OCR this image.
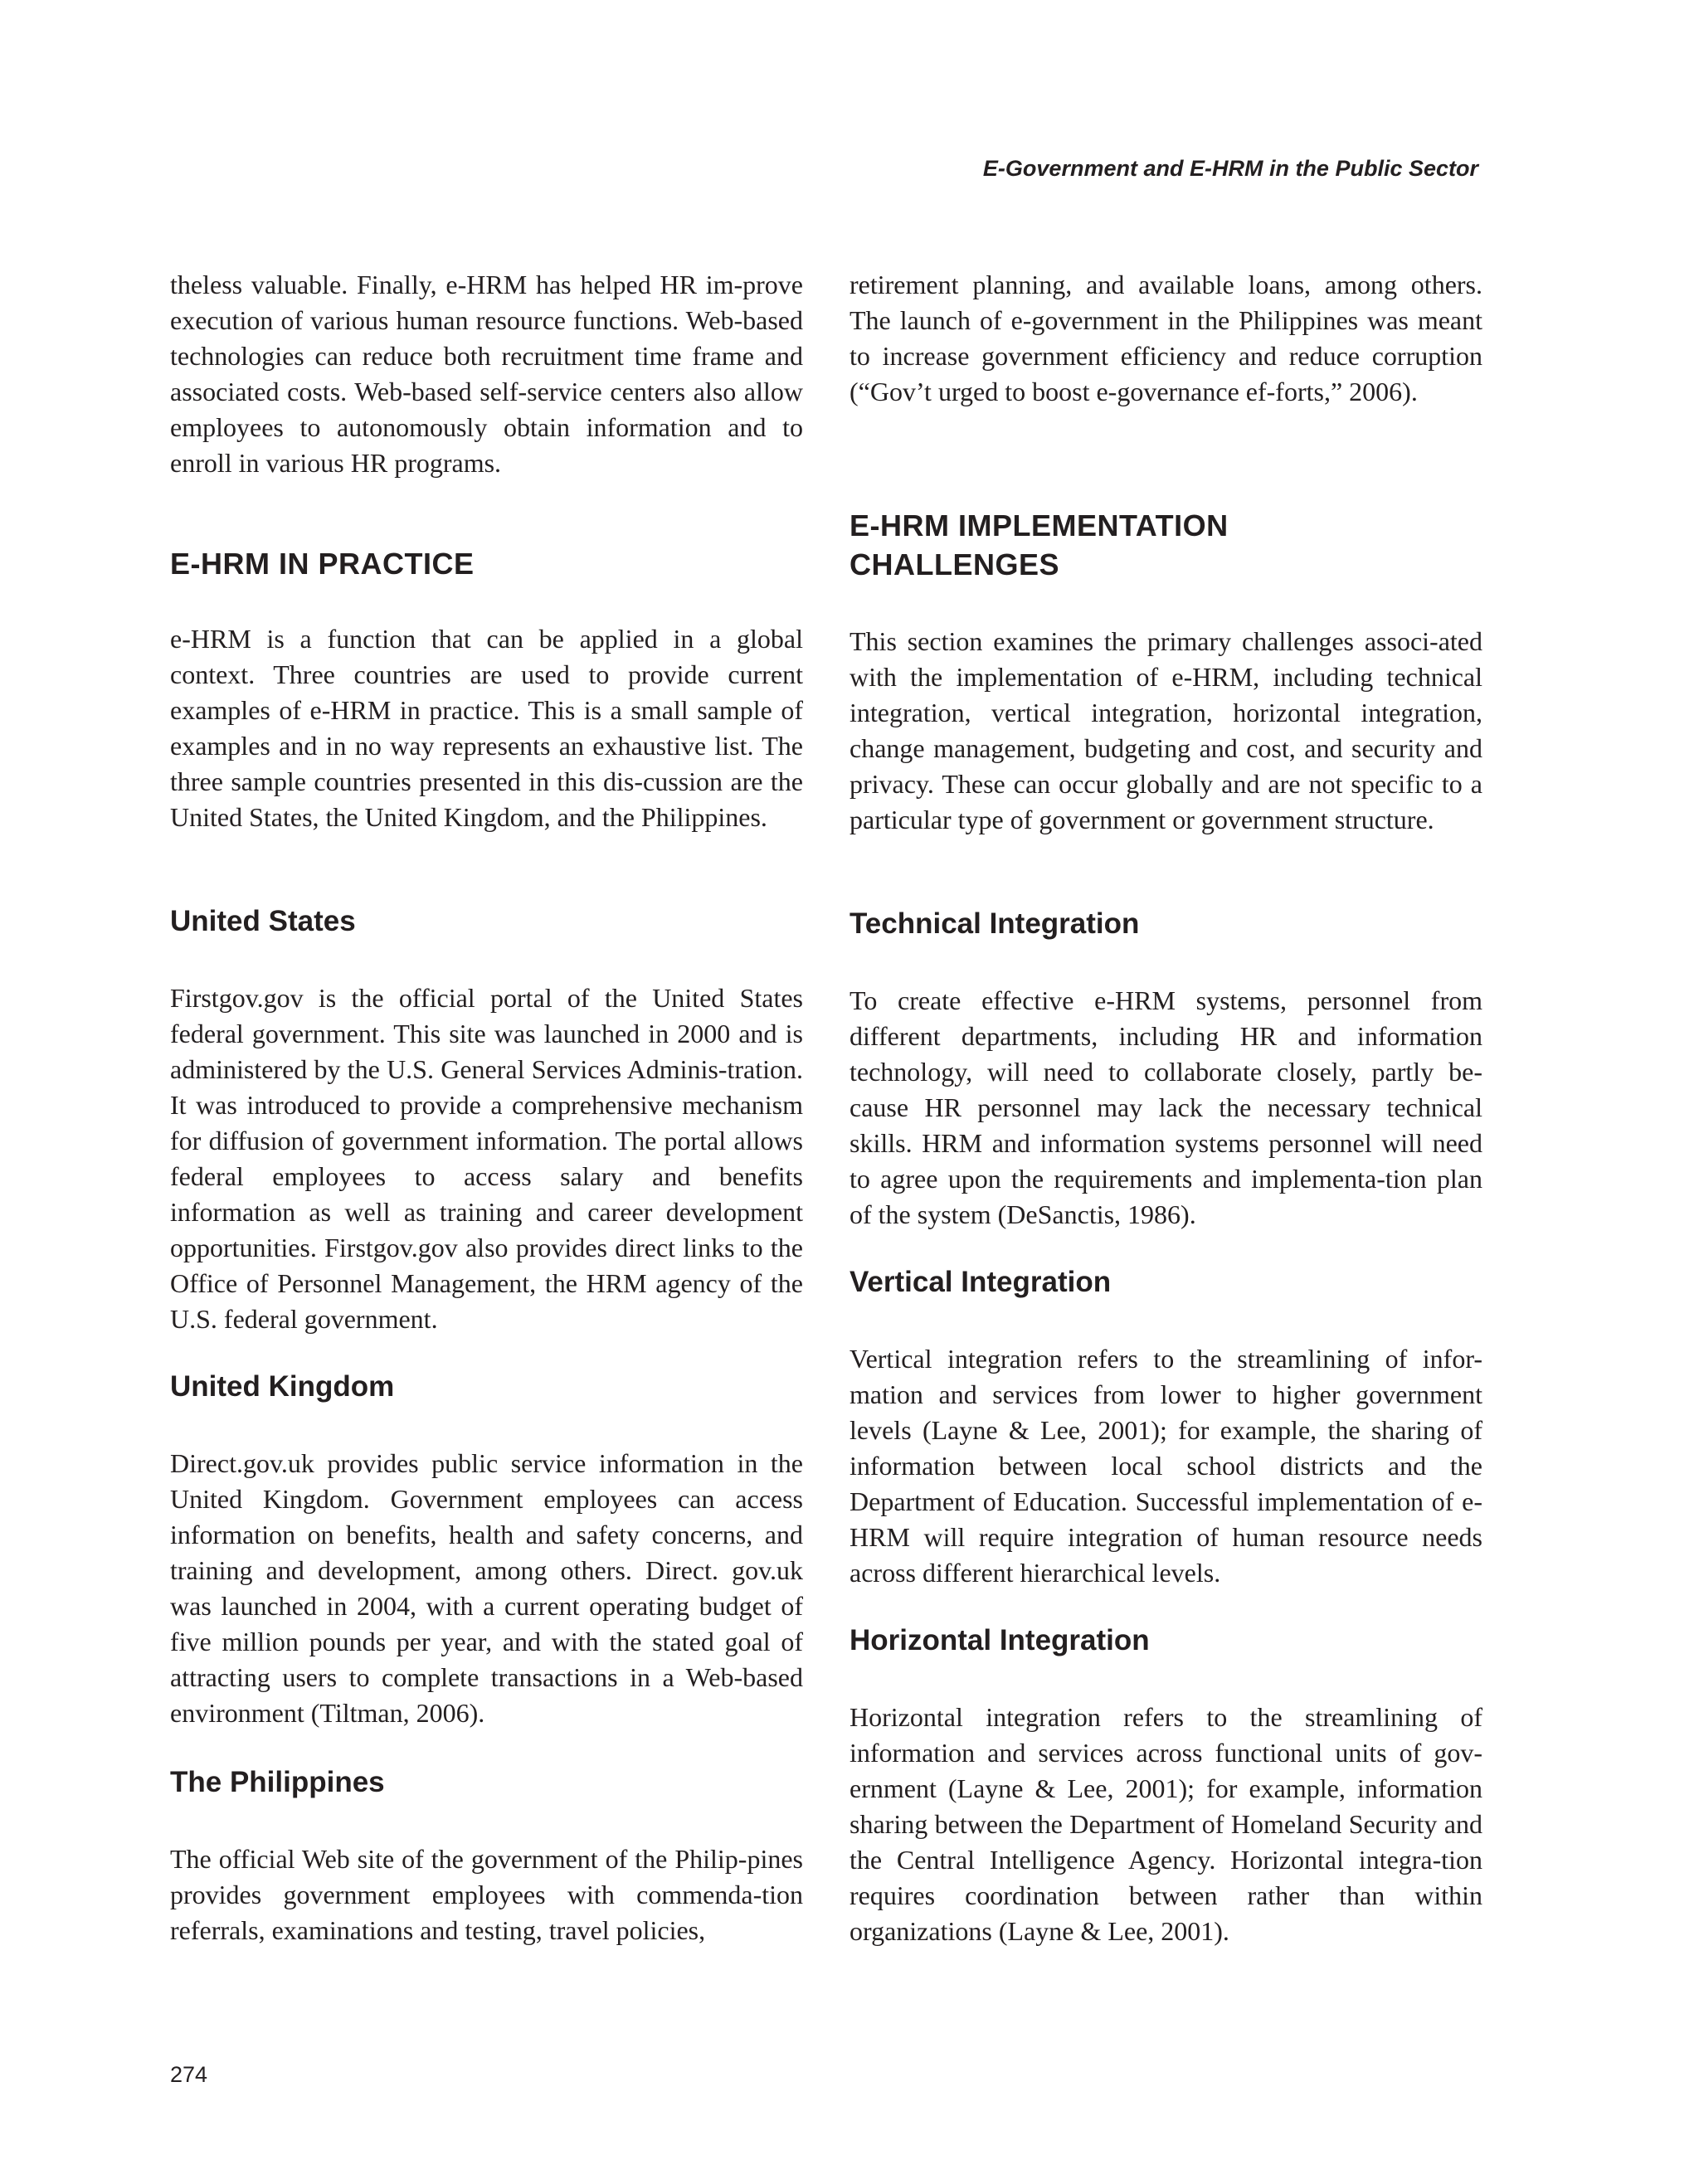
E-Government and E-HRM in the Public Sector

theless valuable. Finally, e-HRM has helped HR im-prove execution of various human resource functions. Web-based technologies can reduce both recruitment time frame and associated costs. Web-based self-service centers also allow employees to autonomously obtain information and to enroll in various HR programs.

E-HRM IN PRACTICE

e-HRM is a function that can be applied in a global context. Three countries are used to provide current examples of e-HRM in practice. This is a small sample of examples and in no way represents an exhaustive list. The three sample countries presented in this dis-cussion are the United States, the United Kingdom, and the Philippines.

United States

Firstgov.gov is the official portal of the United States federal government. This site was launched in 2000 and is administered by the U.S. General Services Adminis-tration. It was introduced to provide a comprehensive mechanism for diffusion of government information. The portal allows federal employees to access salary and benefits information as well as training and career development opportunities. Firstgov.gov also provides direct links to the Office of Personnel Management, the HRM agency of the U.S. federal government.

United Kingdom

Direct.gov.uk provides public service information in the United Kingdom. Government employees can access information on benefits, health and safety concerns, and training and development, among others. Direct. gov.uk was launched in 2004, with a current operating budget of five million pounds per year, and with the stated goal of attracting users to complete transactions in a Web-based environment (Tiltman, 2006).

The Philippines

The official Web site of the government of the Philip-pines provides government employees with commenda-tion referrals, examinations and testing, travel policies,

retirement planning, and available loans, among others. The launch of e-government in the Philippines was meant to increase government efficiency and reduce corruption (“Gov’t urged to boost e-governance ef-forts,” 2006).

E-HRM IMPLEMENTATION
CHALLENGES

This section examines the primary challenges associ-ated with the implementation of e-HRM, including technical integration, vertical integration, horizontal integration, change management, budgeting and cost, and security and privacy. These can occur globally and are not specific to a particular type of government or government structure.

Technical Integration

To create effective e-HRM systems, personnel from different departments, including HR and information technology, will need to collaborate closely, partly be-cause HR personnel may lack the necessary technical skills. HRM and information systems personnel will need to agree upon the requirements and implementa-tion plan of the system (DeSanctis, 1986).

Vertical Integration

Vertical integration refers to the streamlining of infor-mation and services from lower to higher government levels (Layne & Lee, 2001); for example, the sharing of information between local school districts and the Department of Education. Successful implementation of e-HRM will require integration of human resource needs across different hierarchical levels.

Horizontal Integration

Horizontal integration refers to the streamlining of information and services across functional units of gov-ernment (Layne & Lee, 2001); for example, information sharing between the Department of Homeland Security and the Central Intelligence Agency. Horizontal integra-tion requires coordination between rather than within organizations (Layne & Lee, 2001).

274
